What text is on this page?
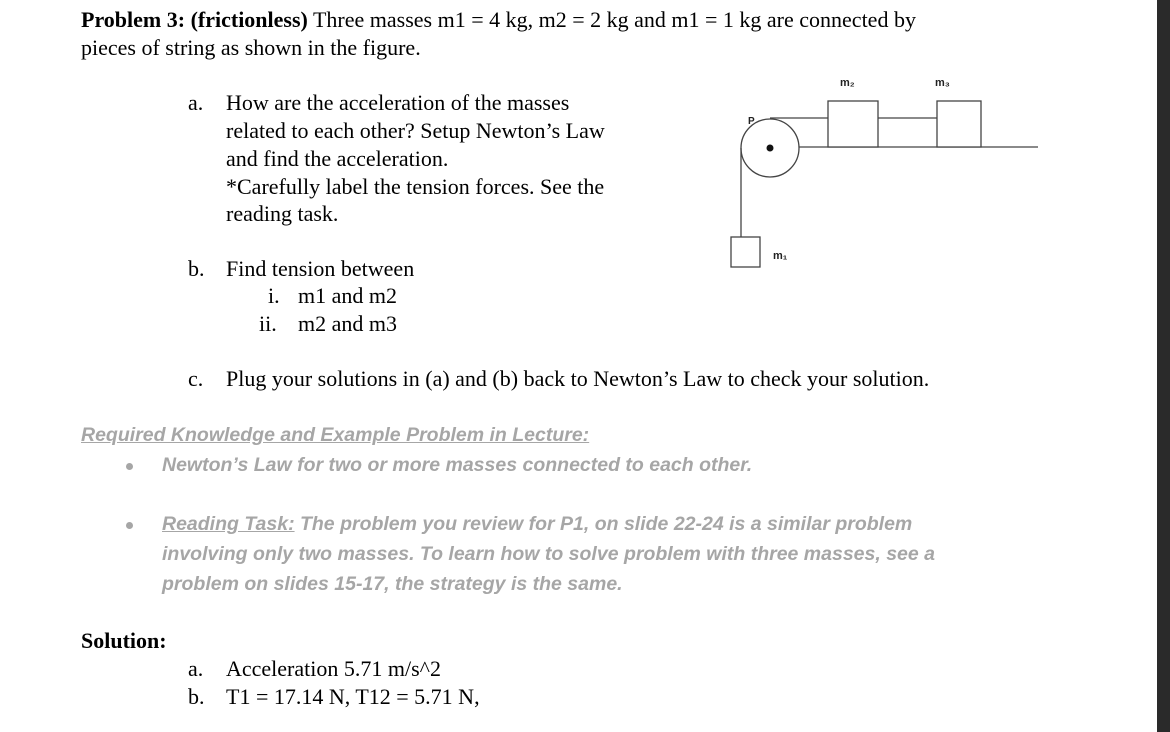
Problem 3: (frictionless) Three masses m1 = 4 kg, m2 = 2 kg and m1 = 1 kg are connected by
pieces of string as shown in the figure.
a. How are the acceleration of the masses
related to each other? Setup Newton’s Law
and find the acceleration.
*Carefully label the tension forces. See the
reading task.
b. Find tension between
i. m1 and m2
ii. m2 and m3
c. Plug your solutions in (a) and (b) back to Newton’s Law to check your solution.
P
m₂	m₃
m₁
Required Knowledge and Example Problem in Lecture:
Newton’s Law for two or more masses connected to each other.
Reading Task: The problem you review for P1, on slide 22-24 is a similar problem
involving only two masses. To learn how to solve problem with three masses, see a
problem on slides 15-17, the strategy is the same.
Solution:
a. Acceleration 5.71 m/s^2
b. T1 = 17.14 N, T12 = 5.71 N,
